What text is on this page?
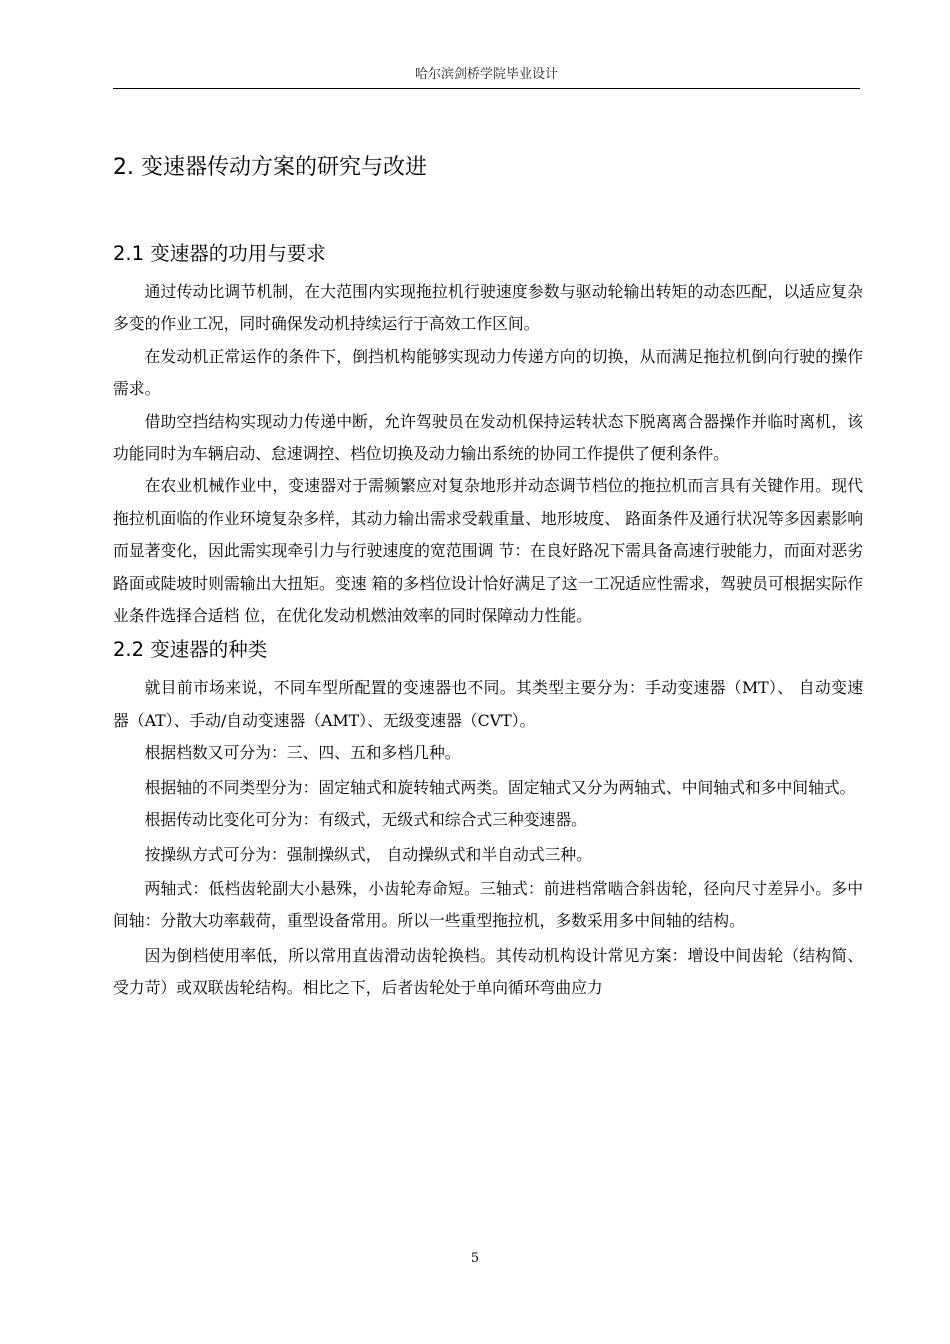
哈尔滨剑桥学院毕业设计
2. 变速器传动方案的研究与改进
2.1 变速器的功用与要求

通过传动比调节机制，在大范围内实现拖拉机行驶速度参数与驱动轮输出转矩的动态匹配，以适应复杂多变的作业工况，同时确保发动机持续运行于高效工作区间。

在发动机正常运作的条件下，倒挡机构能够实现动力传递方向的切换，从而满足拖拉机倒向行驶的操作需求。

借助空挡结构实现动力传递中断，允许驾驶员在发动机保持运转状态下脱离离合器操作并临时离机，该功能同时为车辆启动、怠速调控、档位切换及动力输出系统的协同工作提供了便利条件。

在农业机械作业中，变速器对于需频繁应对复杂地形并动态调节档位的拖拉机而言具有关键作用。现代拖拉机面临的作业环境复杂多样，其动力输出需求受载重量、地形坡度、 路面条件及通行状况等多因素影响而显著变化，因此需实现牵引力与行驶速度的宽范围调 节：在良好路况下需具备高速行驶能力，而面对恶劣路面或陡坡时则需输出大扭矩。变速 箱的多档位设计恰好满足了这一工况适应性需求，驾驶员可根据实际作业条件选择合适档 位，在优化发动机燃油效率的同时保障动力性能。

2.2 变速器的种类

就目前市场来说，不同车型所配置的变速器也不同。其类型主要分为：手动变速器（MT）、 自动变速器（AT）、手动/自动变速器（AMT）、无级变速器（CVT）。

根据档数又可分为：三、四、五和多档几种。

根据轴的不同类型分为：固定轴式和旋转轴式两类。固定轴式又分为两轴式、中间轴式和多中间轴式。

根据传动比变化可分为：有级式，无级式和综合式三种变速器。

按操纵方式可分为：强制操纵式， 自动操纵式和半自动式三种。

两轴式：低档齿轮副大小悬殊，小齿轮寿命短。三轴式：前进档常啮合斜齿轮，径向尺寸差异小。多中间轴：分散大功率载荷，重型设备常用。所以一些重型拖拉机，多数采用多中间轴的结构。

因为倒档使用率低，所以常用直齿滑动齿轮换档。其传动机构设计常见方案：增设中间齿轮（结构简、受力苛）或双联齿轮结构。相比之下，后者齿轮处于单向循环弯曲应力

5
